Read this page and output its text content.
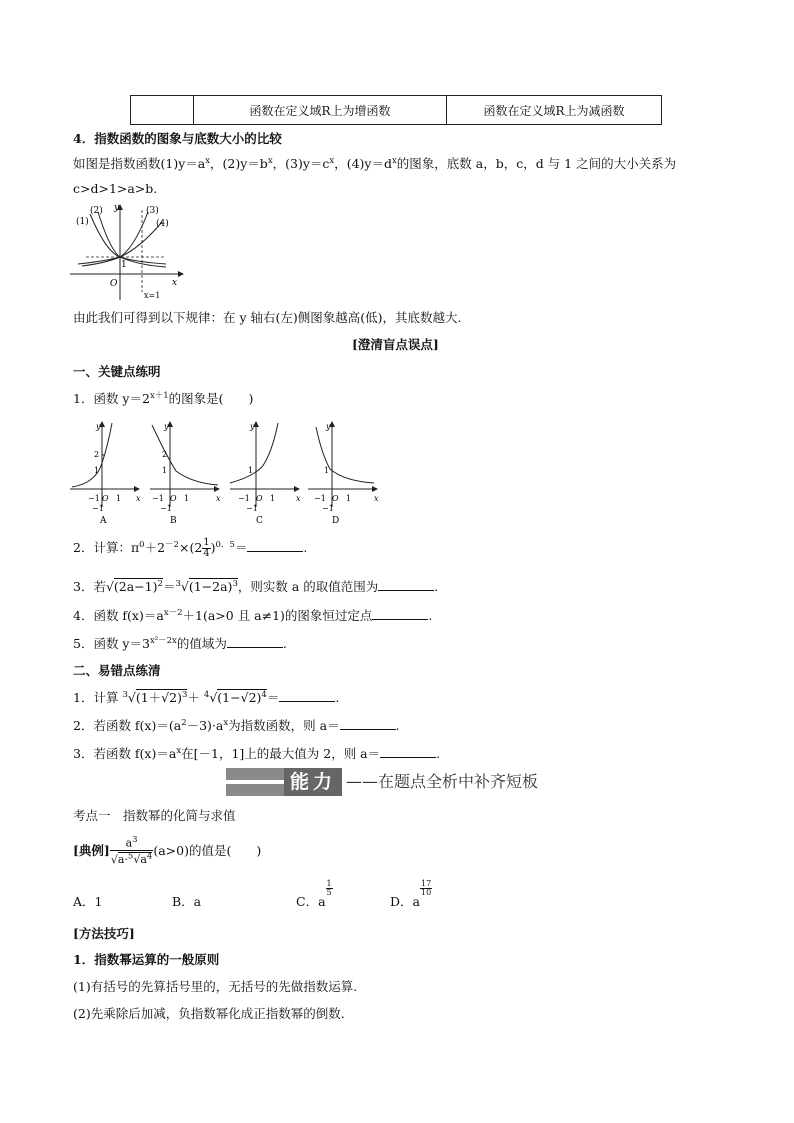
	函数在定义域R上为增函数	函数在定义域R上为减函数
4．指数函数的图象与底数大小的比较
如图是指数函数$(1)y=a^x$，$(2)y=b^x$，$(3)y=c^x$，$(4)y=d^x$的图象，底数 a，b，c，d 与 1 之间的大小关系为
c>d>1>a>b.
(1)
(2)	(3)
(4)
y
x
O
1
x=1
由此我们可得到以下规律：在 y 轴右(左)侧图象越高(低)，其底数越大.
[澄清盲点误点]
一、关键点练明
1．函数 $y=2^{x+1}$的图象是(　　)
y
x
2
1
−1 O 1
−1
A
y
x
2
1
−1 O 1
−1
B
y
x
1
−1 O 1
−1
C
y
x
1
−1 O 1
−1
D
2．计算：$\pi^0+2^{-2}\times(2 \frac{1}{4} )^{0.5}=$	.
3．若$√(2a-1)^2=^3√(1-2a)^3$，则实数 a 的取值范围为	.
4．函数 $f(x)=a^{x-2}+1(a>0$ 且 a≠1)的图象恒过定点	.
5．函数 $y=3^{x^2-2x}$的值域为	.
二、易错点练清
1．计算 $^3√(1+√2)^3+ ^4√(1-√2)^4=$	.
2．若函数 $f(x)=(a^2-3)\cdot a^x$为指数函数，则 a＝	.
3．若函数 $f(x)=a^x$在[－1，1]上的最大值为 2，则 a＝	.
能力 ——在题点全析中补齐短板
考点一　指数幂的化简与求值
[典例] $\frac{a^3}{√a\cdot^5√a^4} (a>0)$的值是(　　)
A．1	B．a	C．a
$\frac{1}{5}$
D．a
$\frac{17}{10}$
[方法技巧]
1．指数幂运算的一般原则
(1)有括号的先算括号里的，无括号的先做指数运算.
(2)先乘除后加减，负指数幂化成正指数幂的倒数.
